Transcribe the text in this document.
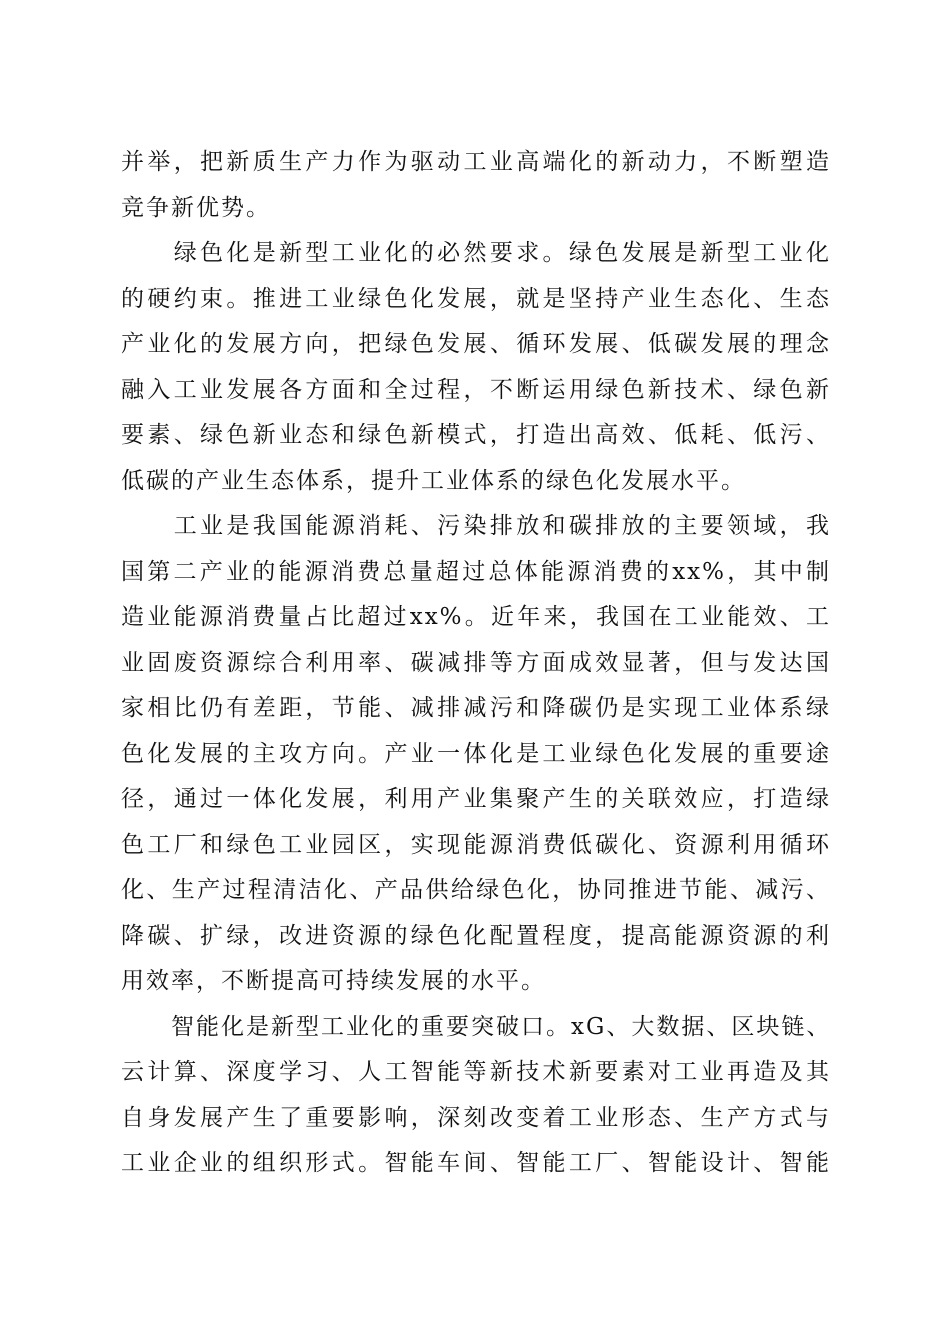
并举，把新质生产力作为驱动工业高端化的新动力，不断塑造
竞争新优势。
　　绿色化是新型工业化的必然要求。绿色发展是新型工业化
的硬约束。推进工业绿色化发展，就是坚持产业生态化、生态
产业化的发展方向，把绿色发展、循环发展、低碳发展的理念
融入工业发展各方面和全过程，不断运用绿色新技术、绿色新
要素、绿色新业态和绿色新模式，打造出高效、低耗、低污、
低碳的产业生态体系，提升工业体系的绿色化发展水平。
　　工业是我国能源消耗、污染排放和碳排放的主要领域，我
国第二产业的能源消费总量超过总体能源消费的xx%，其中制
造业能源消费量占比超过xx%。近年来，我国在工业能效、工
业固废资源综合利用率、碳减排等方面成效显著，但与发达国
家相比仍有差距，节能、减排减污和降碳仍是实现工业体系绿
色化发展的主攻方向。产业一体化是工业绿色化发展的重要途
径，通过一体化发展，利用产业集聚产生的关联效应，打造绿
色工厂和绿色工业园区，实现能源消费低碳化、资源利用循环
化、生产过程清洁化、产品供给绿色化，协同推进节能、减污、
降碳、扩绿，改进资源的绿色化配置程度，提高能源资源的利
用效率，不断提高可持续发展的水平。
　　智能化是新型工业化的重要突破口。xG、大数据、区块链、
云计算、深度学习、人工智能等新技术新要素对工业再造及其
自身发展产生了重要影响，深刻改变着工业形态、生产方式与
工业企业的组织形式。智能车间、智能工厂、智能设计、智能
